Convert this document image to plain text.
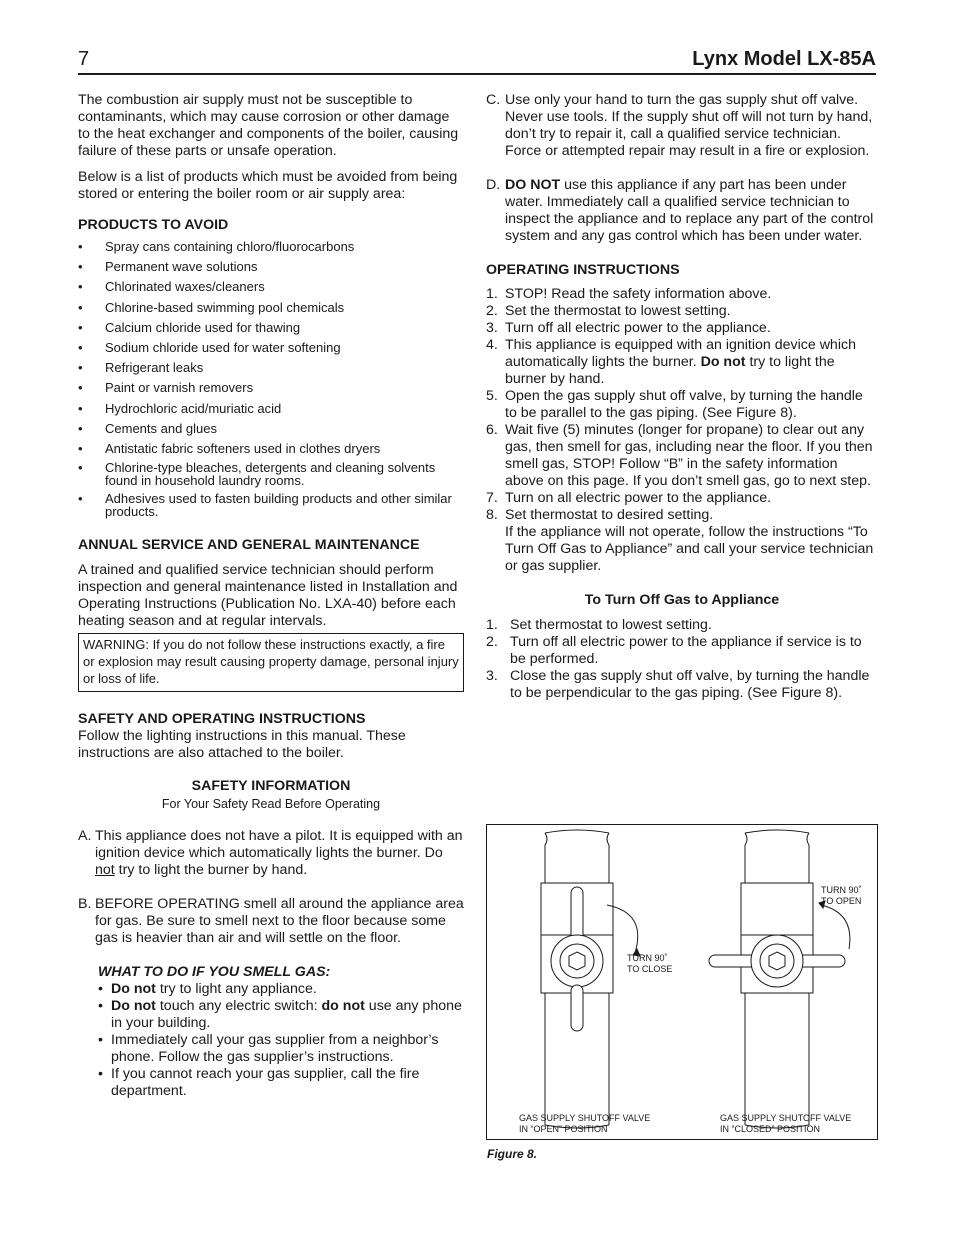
7	Lynx Model LX-85A

The combustion air supply must not be susceptible to contaminants, which may cause corrosion or other damage to the heat exchanger and components of the boiler, causing failure of these parts or unsafe operation.

Below is a list of products which must be avoided from being stored or entering the boiler room or air supply area:

PRODUCTS TO AVOID

• Spray cans containing chloro/fluorocarbons
• Permanent wave solutions
• Chlorinated waxes/cleaners
• Chlorine-based swimming pool chemicals
• Calcium chloride used for thawing
• Sodium chloride used for water softening
• Refrigerant leaks
• Paint or varnish removers
• Hydrochloric acid/muriatic acid
• Cements and glues
• Antistatic fabric softeners used in clothes dryers
• Chlorine-type bleaches, detergents and cleaning solvents found in household laundry rooms.
• Adhesives used to fasten building products and other similar products.

ANNUAL SERVICE AND GENERAL MAINTENANCE

A trained and qualified service technician should perform inspection and general maintenance listed in Installation and Operating Instructions (Publication No. LXA-40) before each heating season and at regular intervals.

WARNING: If you do not follow these instructions exactly, a fire or explosion may result causing property damage, personal injury or loss of life.

SAFETY AND OPERATING INSTRUCTIONS

Follow the lighting instructions in this manual. These instructions are also attached to the boiler.

SAFETY INFORMATION

For Your Safety Read Before Operating

A. This appliance does not have a pilot. It is equipped with an ignition device which automatically lights the burner. Do not try to light the burner by hand.
B. BEFORE OPERATING smell all around the appliance area for gas. Be sure to smell next to the floor because some gas is heavier than air and will settle on the floor.

WHAT TO DO IF YOU SMELL GAS:

• Do not try to light any appliance.
• Do not touch any electric switch: do not use any phone in your building.
• Immediately call your gas supplier from a neighbor’s phone. Follow the gas supplier’s instructions.
• If you cannot reach your gas supplier, call the fire department.
C. Use only your hand to turn the gas supply shut off valve. Never use tools. If the supply shut off will not turn by hand, don’t try to repair it, call a qualified service technician. Force or attempted repair may result in a fire or explosion.
D. DO NOT use this appliance if any part has been under water. Immediately call a qualified service technician to inspect the appliance and to replace any part of the control system and any gas control which has been under water.

OPERATING INSTRUCTIONS

1. STOP! Read the safety information above.
2. Set the thermostat to lowest setting.
3. Turn off all electric power to the appliance.
4. This appliance is equipped with an ignition device which automatically lights the burner. Do not try to light the burner by hand.
5. Open the gas supply shut off valve, by turning the handle to be parallel to the gas piping. (See Figure 8).
6. Wait five (5) minutes (longer for propane) to clear out any gas, then smell for gas, including near the floor. If you then smell gas, STOP! Follow “B” in the safety information above on this page. If you don’t smell gas, go to next step.
7. Turn on all electric power to the appliance.
8. Set thermostat to desired setting.
If the appliance will not operate, follow the instructions “To Turn Off Gas to Appliance” and call your service technician or gas supplier.

To Turn Off Gas to Appliance

1. Set thermostat to lowest setting.
2. Turn off all electric power to the appliance if service is to be performed.
3. Close the gas supply shut off valve, by turning the handle to be perpendicular to the gas piping. (See Figure 8).
TURN 90˚
TO CLOSE
TURN 90˚
TO OPEN
GAS SUPPLY SHUTOFF VALVE
IN “OPEN” POSITION
GAS SUPPLY SHUTOFF VALVE
IN “CLOSED” POSITION
Figure 8.
